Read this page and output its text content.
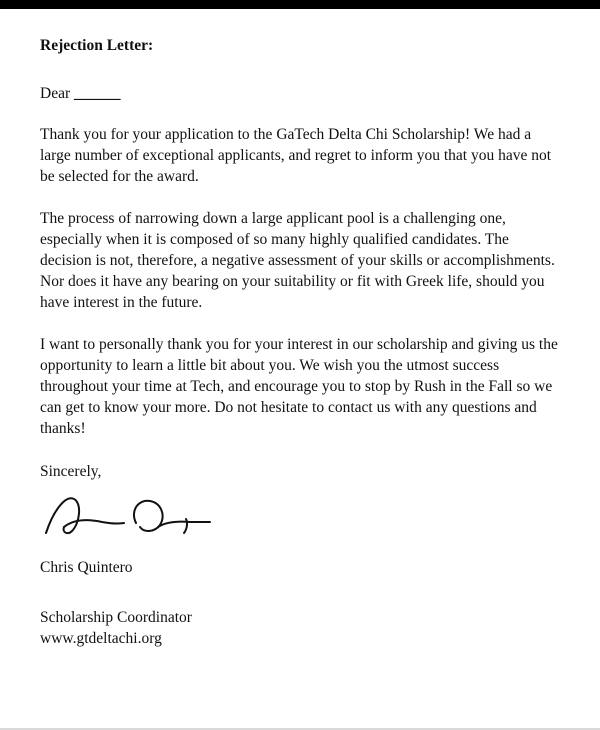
Rejection Letter:
Dear ______

Thank you for your application to the GaTech Delta Chi Scholarship! We had a large number of exceptional applicants, and regret to inform you that you have not be selected for the award.

The process of narrowing down a large applicant pool is a challenging one, especially when it is composed of so many highly qualified candidates. The decision is not, therefore, a negative assessment of your skills or accomplishments. Nor does it have any bearing on your suitability or fit with Greek life, should you have interest in the future.

I want to personally thank you for your interest in our scholarship and giving us the opportunity to learn a little bit about you. We wish you the utmost success throughout your time at Tech, and encourage you to stop by Rush in the Fall so we can get to know your more. Do not hesitate to contact us with any questions and thanks!

Sincerely,
Chris Quintero
Scholarship Coordinator
www.gtdeltachi.org
